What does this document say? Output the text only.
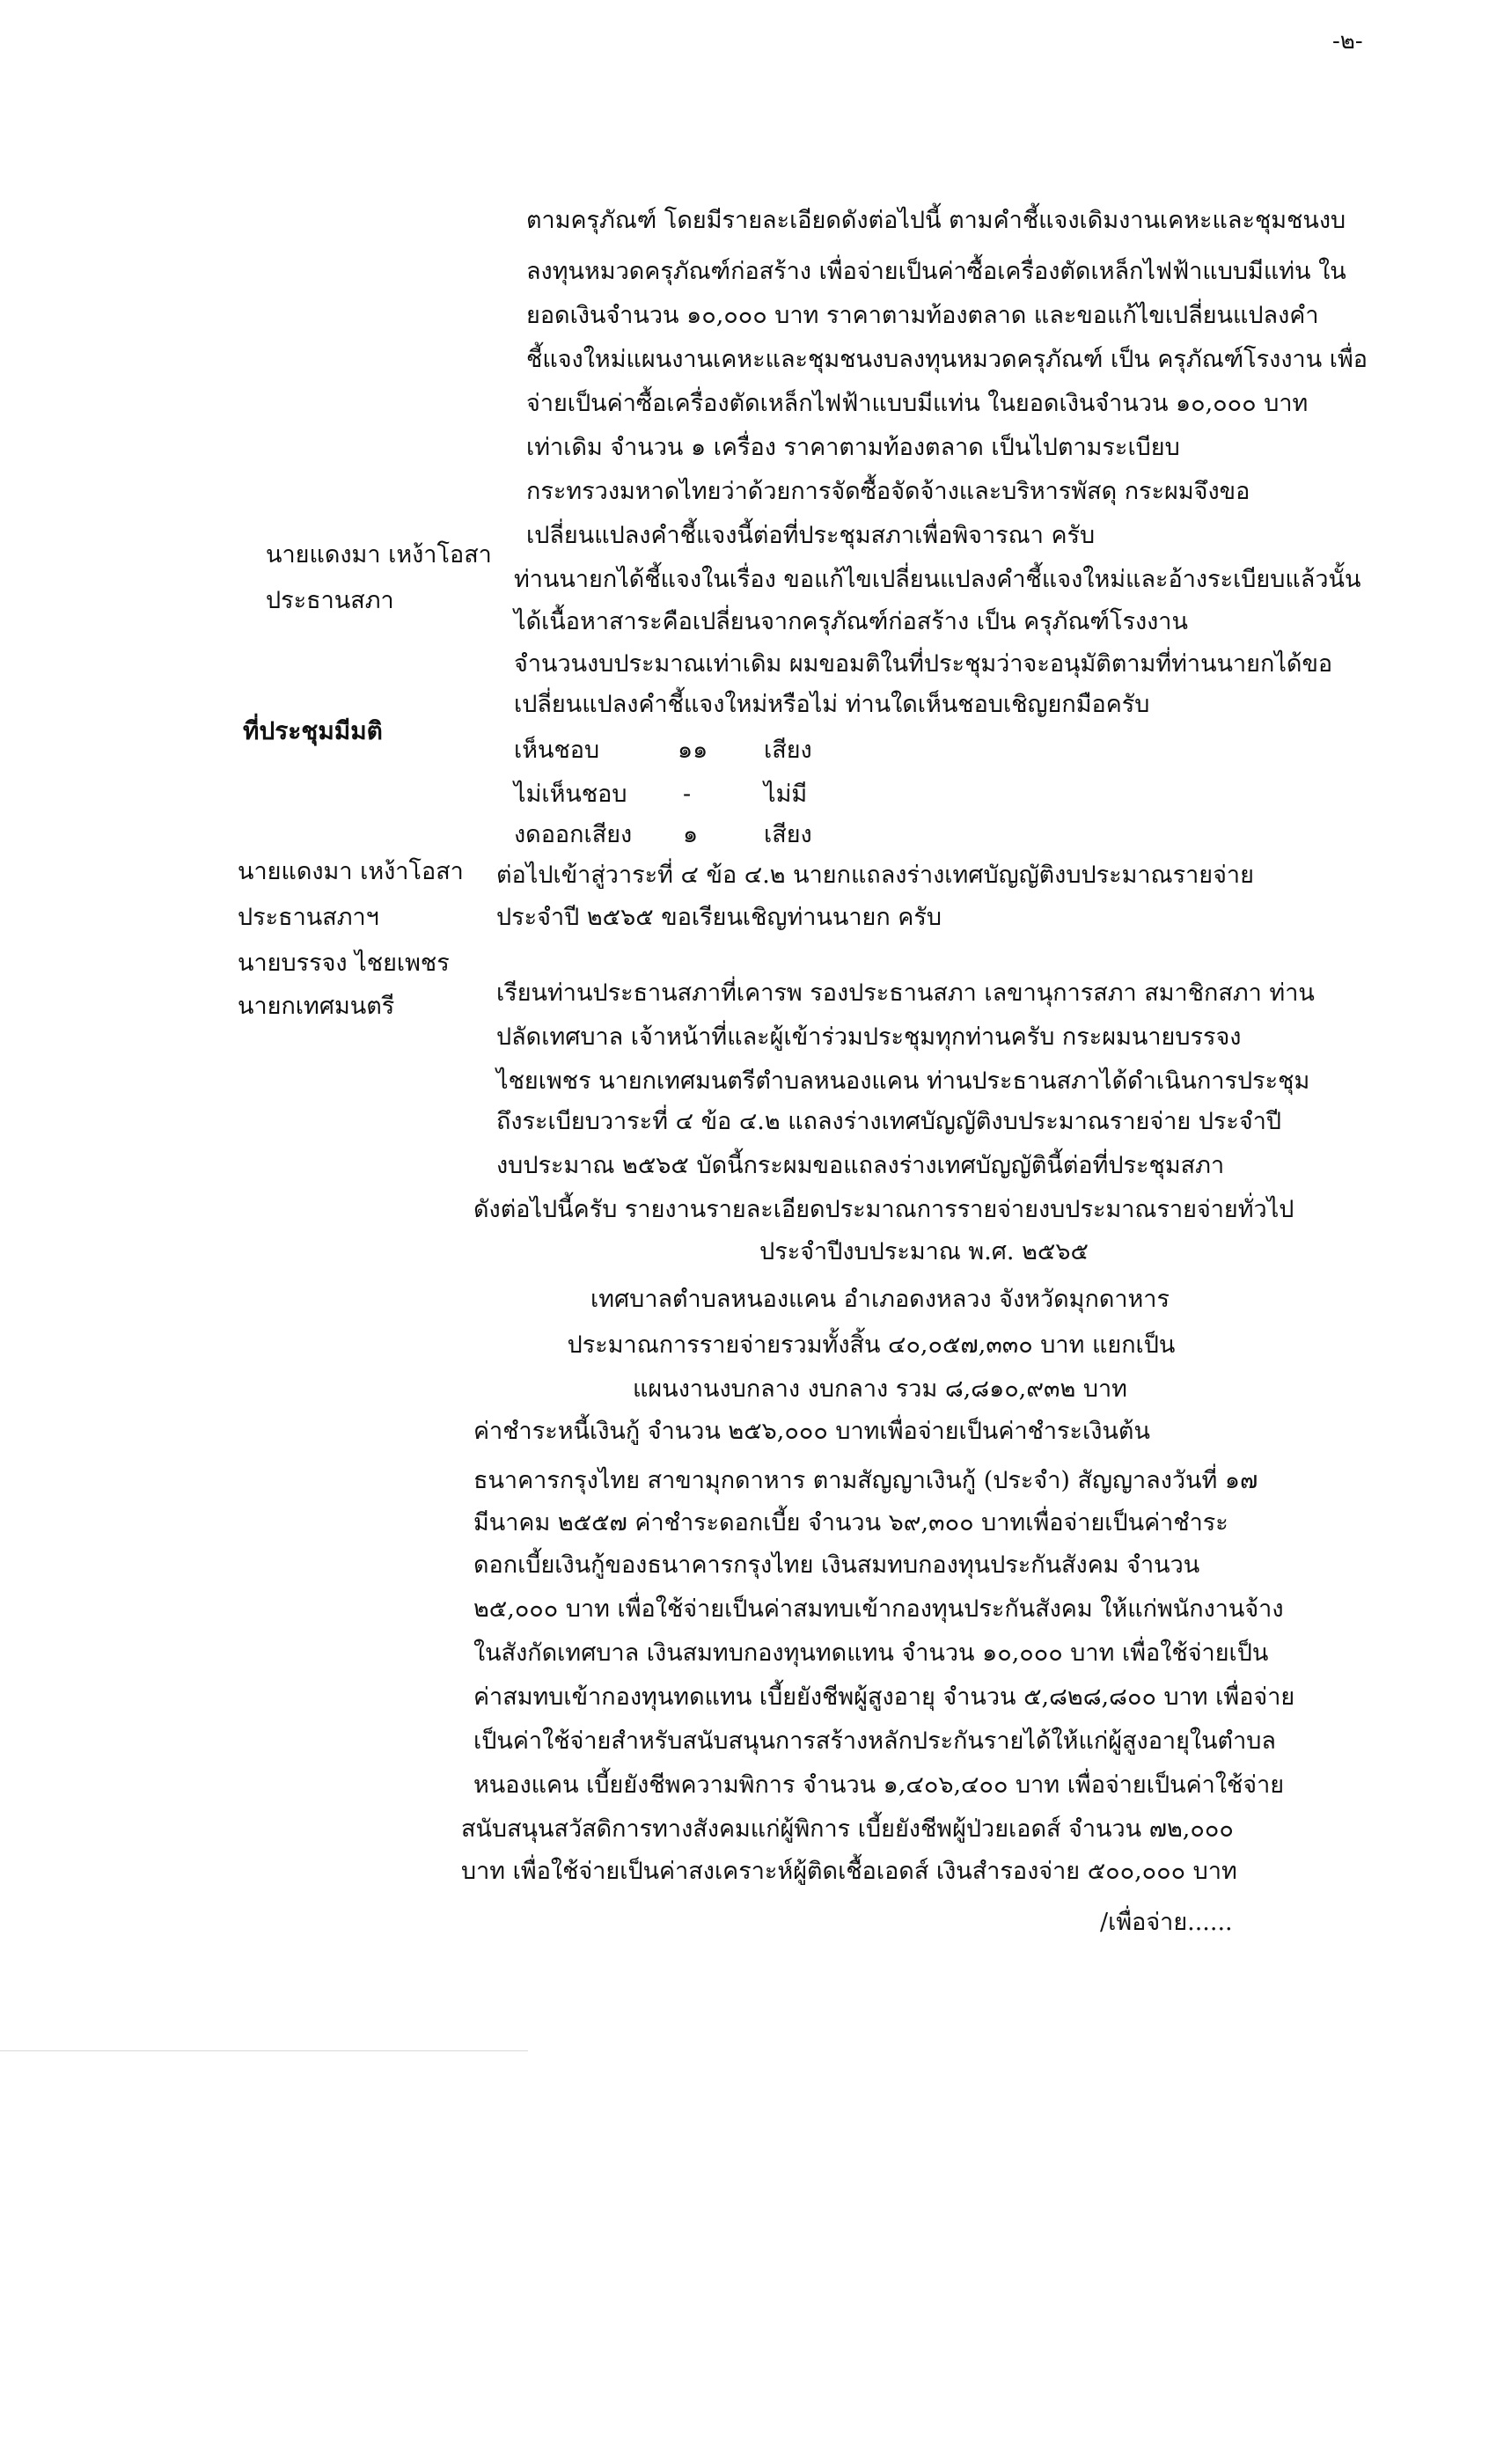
-๒-
นายแดงมา เหง้าโอสา
ประธานสภา
ที่ประชุมมีมติ
นายแดงมา เหง้าโอสา
ประธานสภาฯ
นายบรรจง ไชยเพชร
นายกเทศมนตรี
ตามครุภัณฑ์ โดยมีรายละเอียดดังต่อไปนี้ ตามคำชี้แจงเดิมงานเคหะและชุมชนงบ
ลงทุนหมวดครุภัณฑ์ก่อสร้าง เพื่อจ่ายเป็นค่าซื้อเครื่องตัดเหล็กไฟฟ้าแบบมีแท่น ใน
ยอดเงินจำนวน ๑๐,๐๐๐ บาท ราคาตามท้องตลาด และขอแก้ไขเปลี่ยนแปลงคำ
ชี้แจงใหม่แผนงานเคหะและชุมชนงบลงทุนหมวดครุภัณฑ์ เป็น ครุภัณฑ์โรงงาน เพื่อ
จ่ายเป็นค่าซื้อเครื่องตัดเหล็กไฟฟ้าแบบมีแท่น ในยอดเงินจำนวน ๑๐,๐๐๐ บาท
เท่าเดิม จำนวน ๑ เครื่อง ราคาตามท้องตลาด เป็นไปตามระเบียบ
กระทรวงมหาดไทยว่าด้วยการจัดซื้อจัดจ้างและบริหารพัสดุ กระผมจึงขอ
เปลี่ยนแปลงคำชี้แจงนี้ต่อที่ประชุมสภาเพื่อพิจารณา ครับ
ท่านนายกได้ชี้แจงในเรื่อง ขอแก้ไขเปลี่ยนแปลงคำชี้แจงใหม่และอ้างระเบียบแล้วนั้น
ได้เนื้อหาสาระคือเปลี่ยนจากครุภัณฑ์ก่อสร้าง เป็น ครุภัณฑ์โรงงาน
จำนวนงบประมาณเท่าเดิม ผมขอมติในที่ประชุมว่าจะอนุมัติตามที่ท่านนายกได้ขอ
เปลี่ยนแปลงคำชี้แจงใหม่หรือไม่ ท่านใดเห็นชอบเชิญยกมือครับ
เห็นชอบ	๑๑ เสียง
ไม่เห็นชอบ -	ไม่มี
งดออกเสียง ๑	เสียง
ต่อไปเข้าสู่วาระที่ ๔ ข้อ ๔.๒ นายกแถลงร่างเทศบัญญัติงบประมาณรายจ่าย
ประจำปี ๒๕๖๕ ขอเรียนเชิญท่านนายก ครับ
เรียนท่านประธานสภาที่เคารพ รองประธานสภา เลขานุการสภา สมาชิกสภา ท่าน
ปลัดเทศบาล เจ้าหน้าที่และผู้เข้าร่วมประชุมทุกท่านครับ กระผมนายบรรจง
ไชยเพชร นายกเทศมนตรีตำบลหนองแคน ท่านประธานสภาได้ดำเนินการประชุม
ถึงระเบียบวาระที่ ๔ ข้อ ๔.๒ แถลงร่างเทศบัญญัติงบประมาณรายจ่าย ประจำปี
งบประมาณ ๒๕๖๕ บัดนี้กระผมขอแถลงร่างเทศบัญญัตินี้ต่อที่ประชุมสภา
ดังต่อไปนี้ครับ รายงานรายละเอียดประมาณการรายจ่ายงบประมาณรายจ่ายทั่วไป
ประจำปีงบประมาณ พ.ศ. ๒๕๖๕
เทศบาลตำบลหนองแคน อำเภอดงหลวง จังหวัดมุกดาหาร
ประมาณการรายจ่ายรวมทั้งสิ้น ๔๐,๐๕๗,๓๓๐ บาท แยกเป็น
แผนงานงบกลาง งบกลาง รวม ๘,๘๑๐,๙๓๒ บาท
ค่าชำระหนี้เงินกู้ จำนวน ๒๕๖,๐๐๐ บาทเพื่อจ่ายเป็นค่าชำระเงินต้น
ธนาคารกรุงไทย สาขามุกดาหาร ตามสัญญาเงินกู้ (ประจำ) สัญญาลงวันที่ ๑๗
มีนาคม ๒๕๕๗ ค่าชำระดอกเบี้ย จำนวน ๖๙,๓๐๐ บาทเพื่อจ่ายเป็นค่าชำระ
ดอกเบี้ยเงินกู้ของธนาคารกรุงไทย เงินสมทบกองทุนประกันสังคม จำนวน
๒๕,๐๐๐ บาท เพื่อใช้จ่ายเป็นค่าสมทบเข้ากองทุนประกันสังคม ให้แก่พนักงานจ้าง
ในสังกัดเทศบาล เงินสมทบกองทุนทดแทน จำนวน ๑๐,๐๐๐ บาท เพื่อใช้จ่ายเป็น
ค่าสมทบเข้ากองทุนทดแทน เบี้ยยังชีพผู้สูงอายุ จำนวน ๕,๘๒๘,๘๐๐ บาท เพื่อจ่าย
เป็นค่าใช้จ่ายสำหรับสนับสนุนการสร้างหลักประกันรายได้ให้แก่ผู้สูงอายุในตำบล
หนองแคน เบี้ยยังชีพความพิการ จำนวน ๑,๔๐๖,๔๐๐ บาท เพื่อจ่ายเป็นค่าใช้จ่าย
สนับสนุนสวัสดิการทางสังคมแก่ผู้พิการ เบี้ยยังชีพผู้ป่วยเอดส์ จำนวน ๗๒,๐๐๐
บาท เพื่อใช้จ่ายเป็นค่าสงเคราะห์ผู้ติดเชื้อเอดส์ เงินสำรองจ่าย ๕๐๐,๐๐๐ บาท
/เพื่อจ่าย......
